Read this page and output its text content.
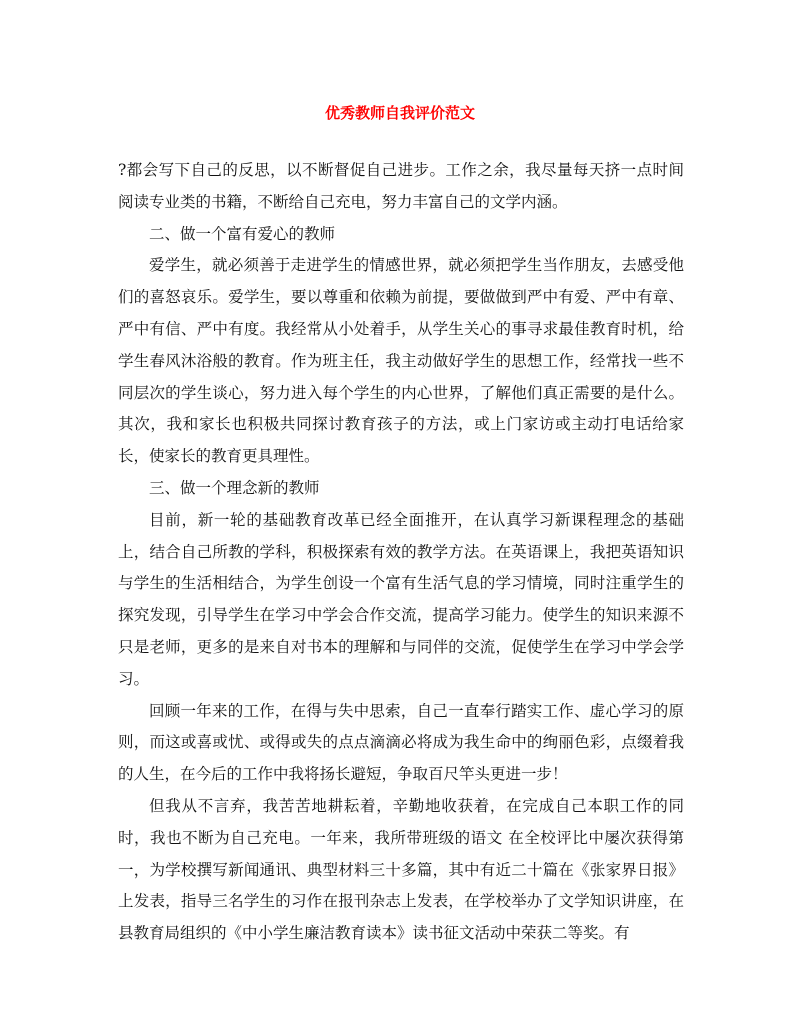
优秀教师自我评价范文

?都会写下自己的反思，以不断督促自己进步。工作之余，我尽量每天挤一点时间阅读专业类的书籍，不断给自己充电，努力丰富自己的文学内涵。

二、做一个富有爱心的教师

爱学生，就必须善于走进学生的情感世界，就必须把学生当作朋友，去感受他们的喜怒哀乐。爱学生，要以尊重和依赖为前提，要做做到严中有爱、严中有章、严中有信、严中有度。我经常从小处着手，从学生关心的事寻求最佳教育时机，给学生春风沐浴般的教育。作为班主任，我主动做好学生的思想工作，经常找一些不同层次的学生谈心，努力进入每个学生的内心世界，了解他们真正需要的是什么。其次，我和家长也积极共同探讨教育孩子的方法，或上门家访或主动打电话给家长，使家长的教育更具理性。

三、做一个理念新的教师

目前，新一轮的基础教育改革已经全面推开，在认真学习新课程理念的基础上，结合自己所教的学科，积极探索有效的教学方法。在英语课上，我把英语知识与学生的生活相结合，为学生创设一个富有生活气息的学习情境，同时注重学生的探究发现，引导学生在学习中学会合作交流，提高学习能力。使学生的知识来源不只是老师，更多的是来自对书本的理解和与同伴的交流，促使学生在学习中学会学习。

回顾一年来的工作，在得与失中思索，自己一直奉行踏实工作、虚心学习的原则，而这或喜或忧、或得或失的点点滴滴必将成为我生命中的绚丽色彩，点缀着我的人生，在今后的工作中我将扬长避短，争取百尺竿头更进一步！

但我从不言弃，我苦苦地耕耘着，辛勤地收获着，在完成自己本职工作的同时，我也不断为自己充电。一年来，我所带班级的语文 在全校评比中屡次获得第一，为学校撰写新闻通讯、典型材料三十多篇，其中有近二十篇在《张家界日报》上发表，指导三名学生的习作在报刊杂志上发表，在学校举办了文学知识讲座，在县教育局组织的《中小学生廉洁教育读本》读书征文活动中荣获二等奖。有
